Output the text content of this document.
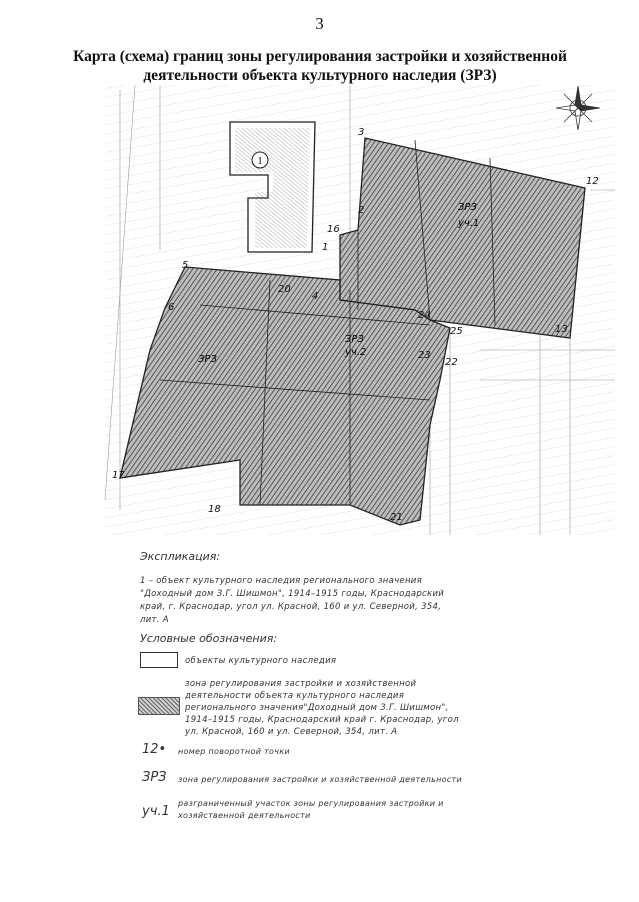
3
Карта (схема) границ зоны регулирования застройки и хозяйственной
деятельности объекта культурного наследия (ЗРЗ)
1
ЗРЗ
уч.1
ЗРЗ
уч.2
ЗРЗ
1
2
3
4
5
6
12
13
16
17
18
20
21
22
23
24
25
Экспликация:
1 – объект культурного наследия регионального значения
"Доходный дом З.Г. Шишмон", 1914–1915 годы, Краснодарский
край, г. Краснодар, угол ул. Красной, 160 и ул. Северной, 354,
лит. А
Условные обозначения:
объекты культурного наследия
зона регулирования застройки и хозяйственной
деятельности объекта культурного наследия
регионального значения"Доходный дом З.Г. Шишмон",
1914–1915 годы, Краснодарский край г. Краснодар, угол
ул. Красной, 160 и ул. Северной, 354, лит. А
12• номер поворотной точки
ЗРЗ зона регулирования застройки и хозяйственной деятельности
уч.1
разграниченный участок зоны регулирования застройки и
хозяйственной деятельности
